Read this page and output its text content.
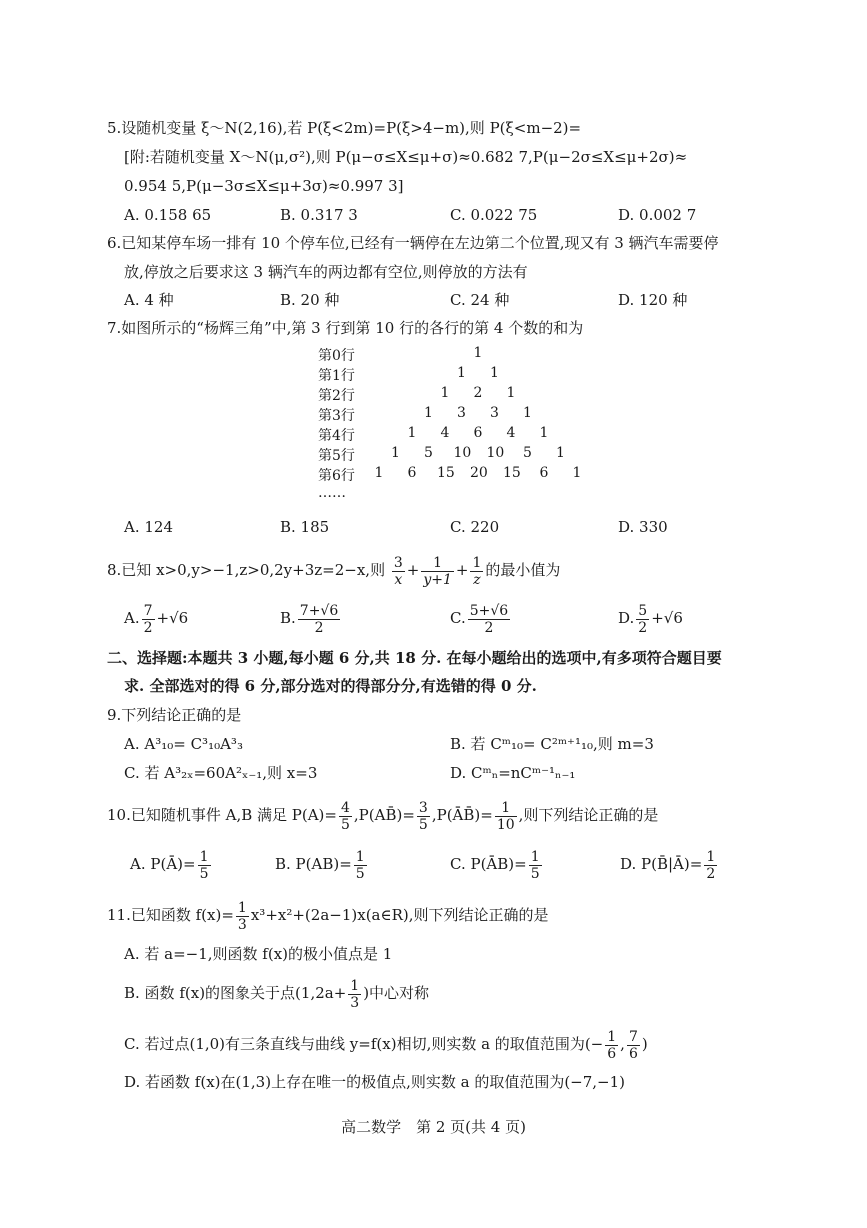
5.设随机变量 ξ～N(2,16),若 P(ξ<2m)=P(ξ>4−m),则 P(ξ<m−2)=
[附:若随机变量 X～N(μ,σ²),则 P(μ−σ≤X≤μ+σ)≈0.682 7,P(μ−2σ≤X≤μ+2σ)≈
0.954 5,P(μ−3σ≤X≤μ+3σ)≈0.997 3]
A. 0.158 65	B. 0.317 3	C. 0.022 75	D. 0.002 7
6.已知某停车场一排有 10 个停车位,已经有一辆停在左边第二个位置,现又有 3 辆汽车需要停
放,停放之后要求这 3 辆汽车的两边都有空位,则停放的方法有
A. 4 种	B. 20 种	C. 24 种	D. 120 种
7.如图所示的“杨辉三角”中,第 3 行到第 10 行的各行的第 4 个数的和为
第0行	1
第1行	1 1
第2行	1 2 1
第3行	1 3 3 1
第4行	1 4 6 4 1
第5行	1 5 10 10 5 1
第6行 1 6 15 20 15 6 1
……
A. 124	B. 185	C. 220	D. 330
8.已知 x>0,y>−1,z>0,2y+3z=2−x,则 $\frac{3}{x} + \frac{1}{y+1} + \frac{1}{z}$ 的最小值为
A. $\frac{7}{2} +√6$	B. $\frac{7+√6}{2}$	C. $\frac{5+√6}{2}$	D. $\frac{5}{2} +√6$
二、选择题:本题共 3 小题,每小题 6 分,共 18 分. 在每小题给出的选项中,有多项符合题目要
求. 全部选对的得 6 分,部分选对的得部分分,有选错的得 0 分.
9.下列结论正确的是
A. A³₁₀= C³₁₀A³₃	B. 若 Cᵐ₁₀= C²ᵐ⁺¹₁₀,则 m=3
C. 若 A³₂ₓ=60A²ₓ₋₁,则 x=3	D. Cᵐₙ=nCᵐ⁻¹ₙ₋₁
10.已知随机事件 A,B 满足 $P(A)= \frac{4}{5}$ ,P(AB̄)= $\frac{3}{5}$ ,P(ĀB̄)= $\frac{1}{10}$ ,则下列结论正确的是
A. P(Ā)= $\frac{1}{5}$	B. $P(AB)= \frac{1}{5}$	C. P(ĀB)= $\frac{1}{5}$	D. P(B̄|Ā)= $\frac{1}{2}$
11.已知函数 $f(x)= \frac{1}{3}$ x³+x²+(2a−1)x(a∈R),则下列结论正确的是
A. 若 a=−1,则函数 f(x)的极小值点是 1
B. 函数 f(x)的图象关于点($1,2a+ \frac{1}{3}$ )中心对称
C. 若过点(1,0)有三条直线与曲线 y=f(x)相切,则实数 a 的取值范围为(− $\frac{1}{6}$ , $\frac{7}{6}$ )
D. 若函数 f(x)在(1,3)上存在唯一的极值点,则实数 a 的取值范围为(−7,−1)
高二数学　第 2 页(共 4 页)
